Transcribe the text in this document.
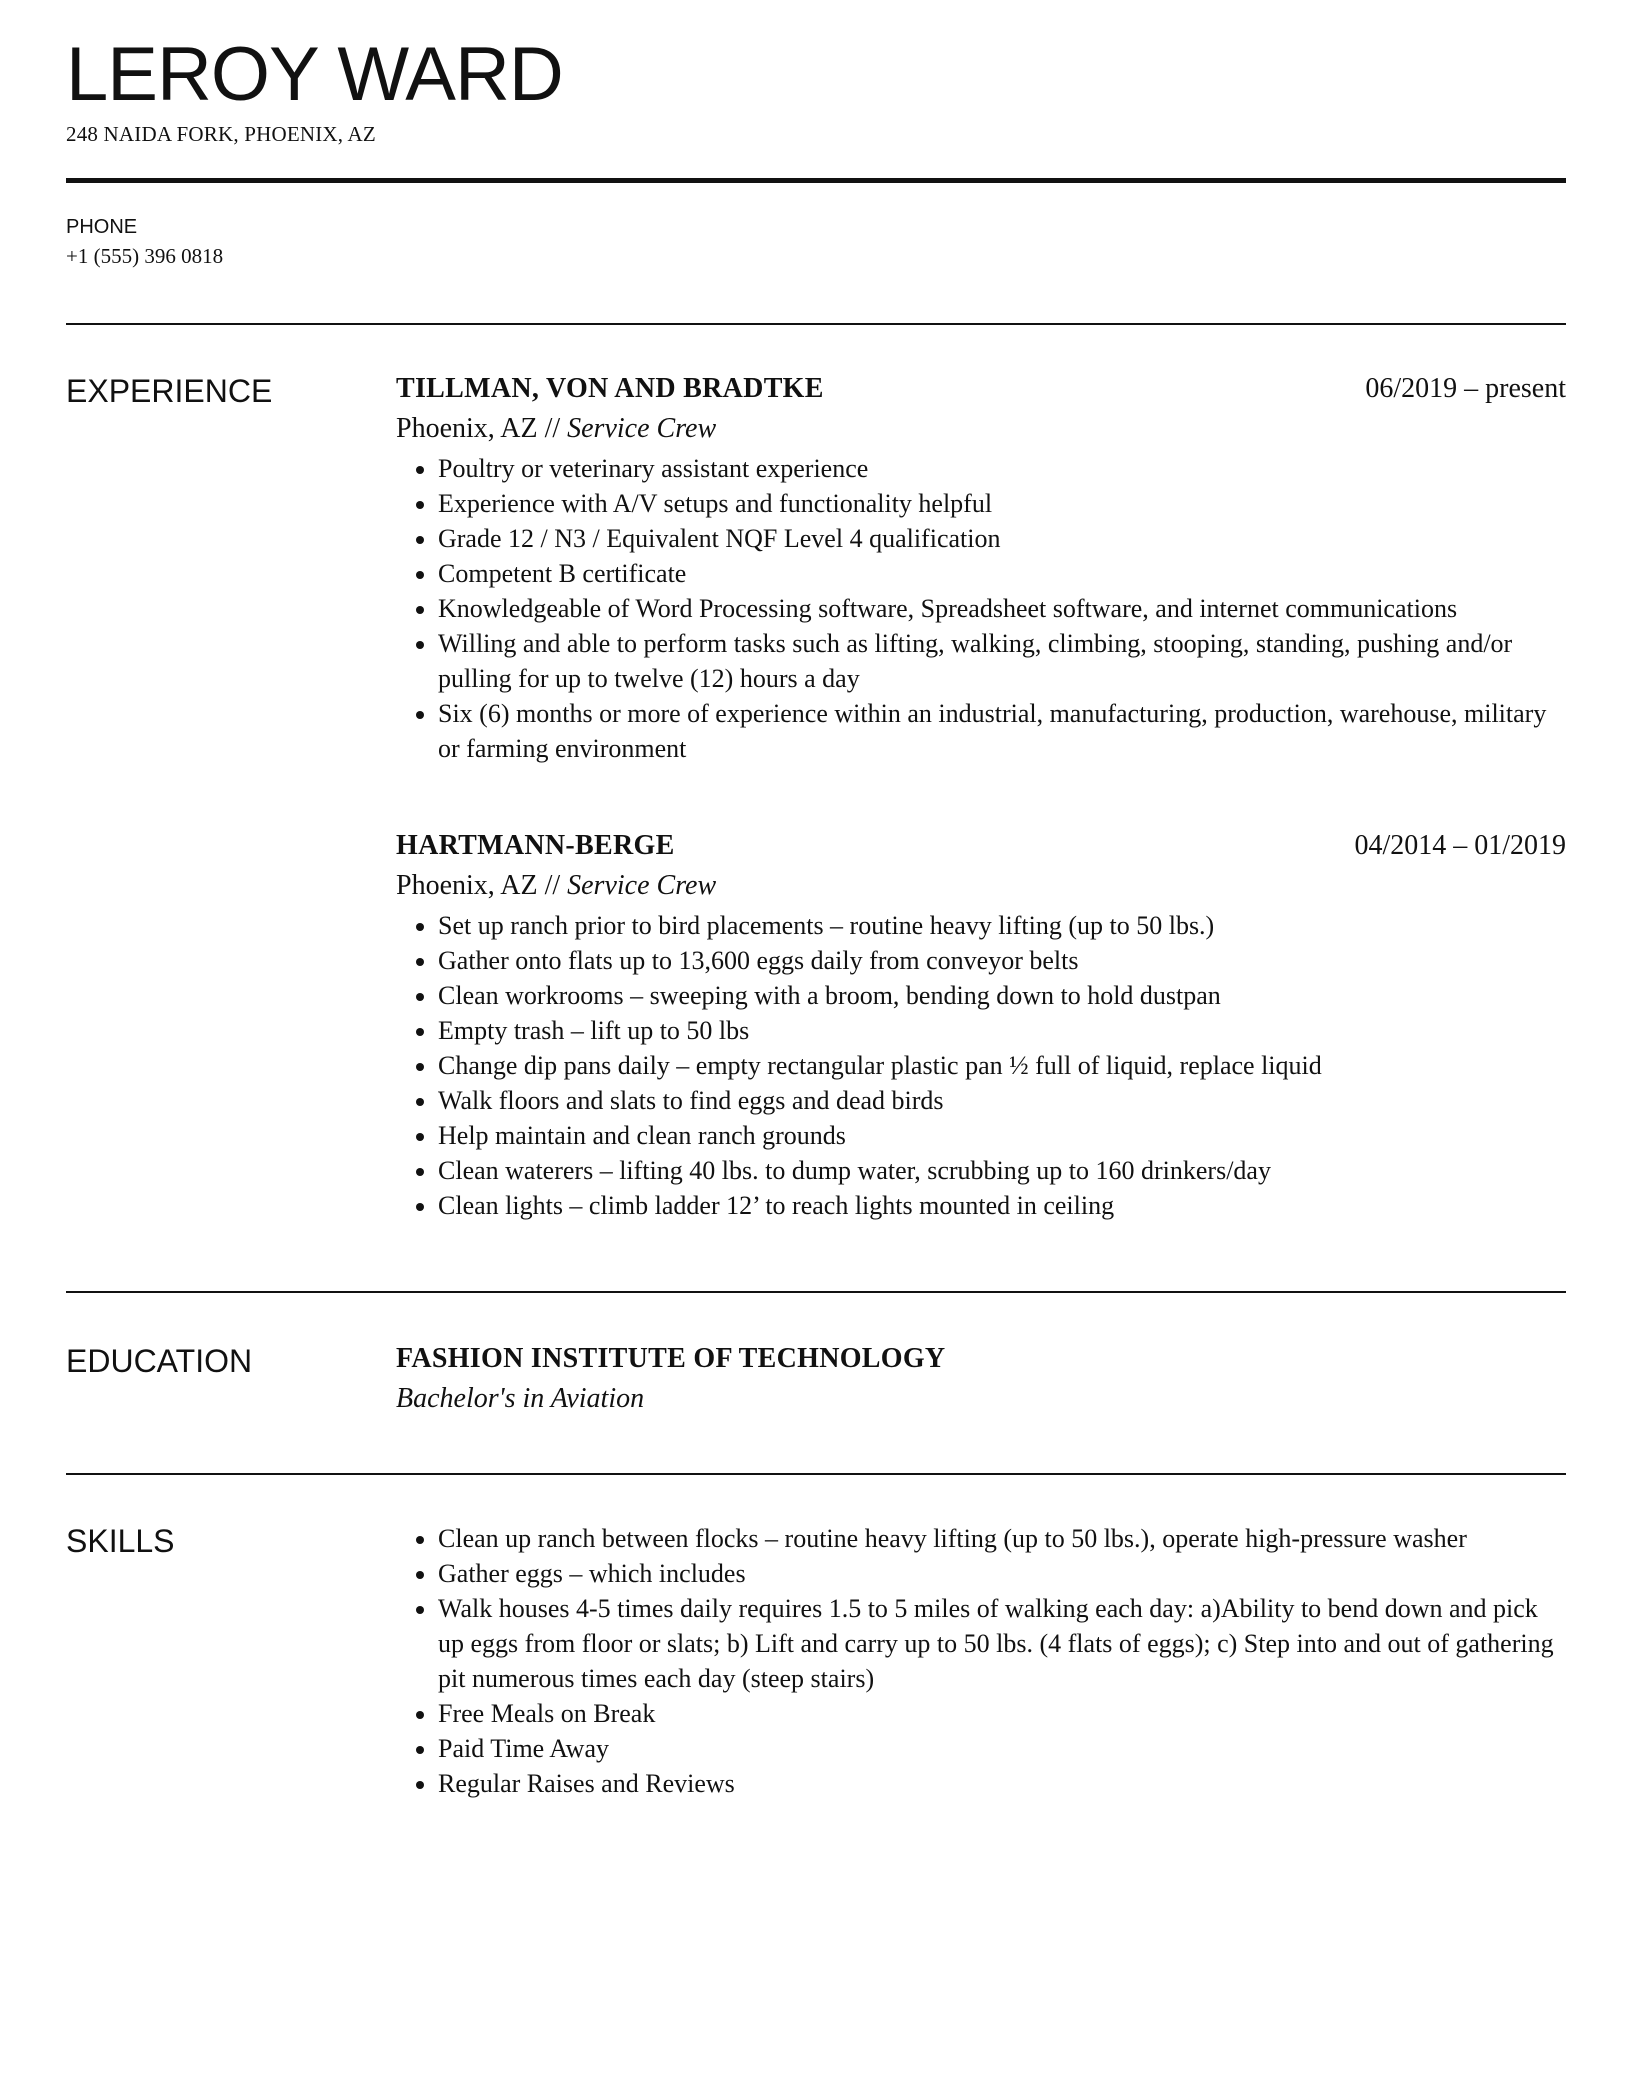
LEROY WARD
248 NAIDA FORK, PHOENIX, AZ
PHONE
+1 (555) 396 0818
EXPERIENCE	TILLMAN, VON AND BRADTKE	06/2019 – present
Phoenix, AZ // Service Crew
• Poultry or veterinary assistant experience
• Experience with A/V setups and functionality helpful
• Grade 12 / N3 / Equivalent NQF Level 4 qualification
• Competent B certificate
• Knowledgeable of Word Processing software, Spreadsheet software, and internet communications
• Willing and able to perform tasks such as lifting, walking, climbing, stooping, standing, pushing and/or pulling for up to twelve (12) hours a day
• Six (6) months or more of experience within an industrial, manufacturing, production, warehouse, military or farming environment
HARTMANN-BERGE	04/2014 – 01/2019
Phoenix, AZ // Service Crew
• Set up ranch prior to bird placements – routine heavy lifting (up to 50 lbs.)
• Gather onto flats up to 13,600 eggs daily from conveyor belts
• Clean workrooms – sweeping with a broom, bending down to hold dustpan
• Empty trash – lift up to 50 lbs
• Change dip pans daily – empty rectangular plastic pan ½ full of liquid, replace liquid
• Walk floors and slats to find eggs and dead birds
• Help maintain and clean ranch grounds
• Clean waterers – lifting 40 lbs. to dump water, scrubbing up to 160 drinkers/day
• Clean lights – climb ladder 12’ to reach lights mounted in ceiling
EDUCATION	FASHION INSTITUTE OF TECHNOLOGY
Bachelor's in Aviation
SKILLS
•	Clean up ranch between flocks – routine heavy lifting (up to 50 lbs.), operate high-pressure washer
• Gather eggs – which includes
• Walk houses 4-5 times daily requires 1.5 to 5 miles of walking each day: a)Ability to bend down and pick up eggs from floor or slats; b) Lift and carry up to 50 lbs. (4 flats of eggs); c) Step into and out of gathering pit numerous times each day (steep stairs)
• Free Meals on Break
• Paid Time Away
• Regular Raises and Reviews
